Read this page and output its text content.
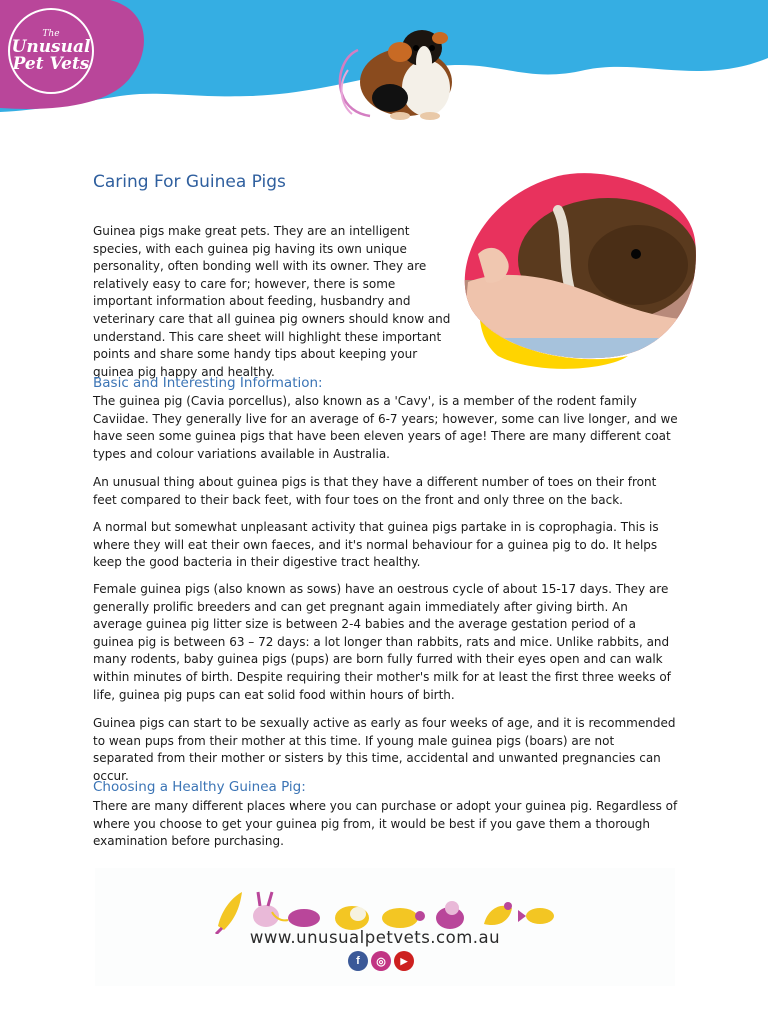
The
Unusual
Pet Vets
Caring For Guinea Pigs

Guinea pigs make great pets. They are an intelligent species, with each guinea pig having its own unique personality, often bonding well with its owner. They are relatively easy to care for; however, there is some important information about feeding, husbandry and veterinary care that all guinea pig owners should know and understand. This care sheet will highlight these important points and share some handy tips about keeping your guinea pig happy and healthy.

Basic and Interesting Information:

The guinea pig (Cavia porcellus), also known as a 'Cavy', is a member of the rodent family Caviidae. They generally live for an average of 6-7 years; however, some can live longer, and we have seen some guinea pigs that have been eleven years of age! There are many different coat types and colour variations available in Australia.

An unusual thing about guinea pigs is that they have a different number of toes on their front feet compared to their back feet, with four toes on the front and only three on the back.

A normal but somewhat unpleasant activity that guinea pigs partake in is coprophagia. This is where they will eat their own faeces, and it's normal behaviour for a guinea pig to do. It helps keep the good bacteria in their digestive tract healthy.

Female guinea pigs (also known as sows) have an oestrous cycle of about 15-17 days. They are generally prolific breeders and can get pregnant again immediately after giving birth. An average guinea pig litter size is between 2-4 babies and the average gestation period of a guinea pig is between 63 – 72 days: a lot longer than rabbits, rats and mice. Unlike rabbits, and many rodents, baby guinea pigs (pups) are born fully furred with their eyes open and can walk within minutes of birth. Despite requiring their mother's milk for at least the first three weeks of life, guinea pig pups can eat solid food within hours of birth.

Guinea pigs can start to be sexually active as early as four weeks of age, and it is recommended to wean pups from their mother at this time. If young male guinea pigs (boars) are not separated from their mother or sisters by this time, accidental and unwanted pregnancies can occur.

Choosing a Healthy Guinea Pig:

There are many different places where you can purchase or adopt your guinea pig. Regardless of where you choose to get your guinea pig from, it would be best if you gave them a thorough examination before purchasing.

www.unusualpetvets.com.au
f	◎	▶
